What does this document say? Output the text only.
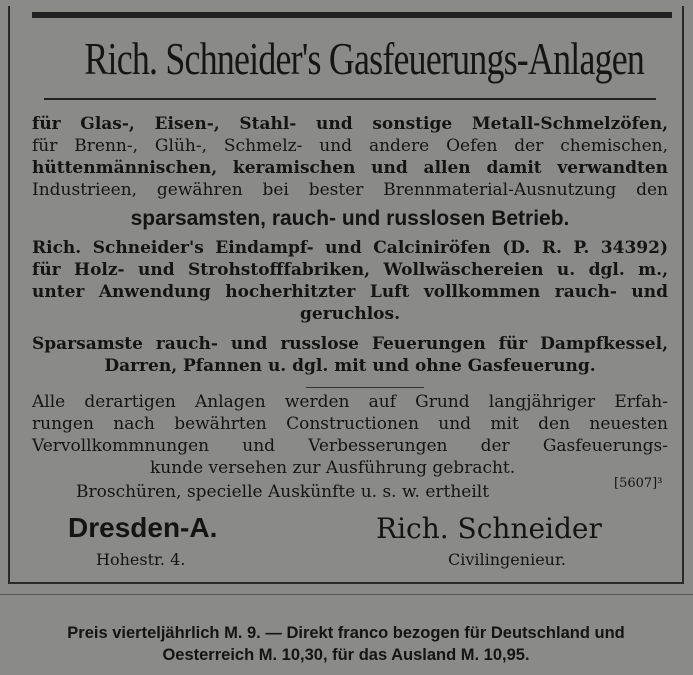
Rich. Schneider's Gasfeuerungs-Anlagen
für Glas-, Eisen-, Stahl- und sonstige Metall-Schmelzöfen,
für Brenn-, Glüh-, Schmelz- und andere Oefen der chemischen,
hüttenmännischen, keramischen und allen damit verwandten
Industrieen, gewähren bei bester Brennmaterial-Ausnutzung den
sparsamsten, rauch- und russlosen Betrieb.
Rich. Schneider's Eindampf- und Calciniröfen (D. R. P. 34392)
für Holz- und Strohstofffabriken, Wollwäschereien u. dgl. m.,
unter Anwendung hocherhitzter Luft vollkommen rauch- und
geruchlos.
Sparsamste rauch- und russlose Feuerungen für Dampfkessel,
Darren, Pfannen u. dgl. mit und ohne Gasfeuerung.
Alle derartigen Anlagen werden auf Grund langjähriger Erfah-
rungen nach bewährten Constructionen und mit den neuesten
Vervollkommnungen und Verbesserungen der Gasfeuerungs-
kunde versehen zur Ausführung gebracht.
Broschüren, specielle Auskünfte u. s. w. ertheilt	[5607]³
Dresden-A.
Hohestr. 4.
Rich. Schneider
Civilingenieur.
Preis vierteljährlich M. 9. — Direkt franco bezogen für Deutschland und
Oesterreich M. 10,30, für das Ausland M. 10,95.
